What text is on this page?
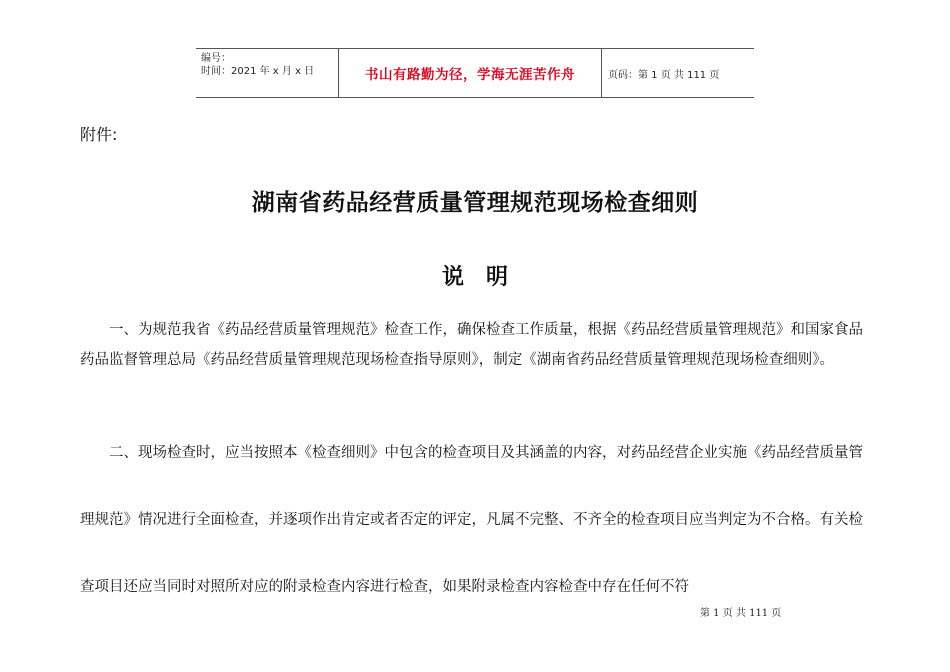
编号：
时间：2021 年 x 月 x 日	书山有路勤为径，学海无涯苦作舟	页码：第 1 页 共 111 页
附件:
湖南省药品经营质量管理规范现场检查细则
说明
一、为规范我省《药品经营质量管理规范》检查工作，确保检查工作质量，根据《药品经营质量管理规范》和国家食品药品监督管理总局《药品经营质量管理规范现场检查指导原则》，制定《湖南省药品经营质量管理规范现场检查细则》。
二、现场检查时，应当按照本《检查细则》中包含的检查项目及其涵盖的内容，对药品经营企业实施《药品经营质量管理规范》情况进行全面检查，并逐项作出肯定或者否定的评定，凡属不完整、不齐全的检查项目应当判定为不合格。有关检查项目还应当同时对照所对应的附录检查内容进行检查，如果附录检查内容检查中存在任何不符
第 1 页 共 111 页
